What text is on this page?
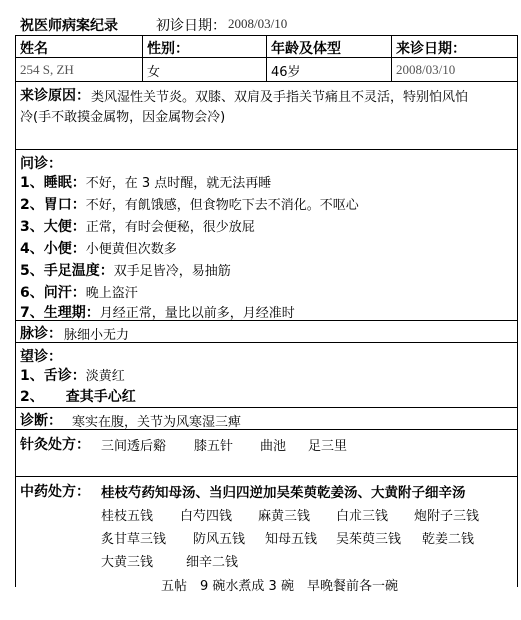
祝医师病案纪录	初诊日期： 2008/03/10
姓名	性别：	年龄及体型	来诊日期：
254 S, ZH	女	46岁	2008/03/10
来诊原因： 类风湿性关节炎。双膝、双肩及手指关节痛且不灵活，特别怕风怕
冷(手不敢摸金属物，因金属物会冷)
问诊：
1、睡眠：不好，在 3 点时醒，就无法再睡
2、胃口：不好，有飢饿感，但食物吃下去不消化。不呕心
3、大便：正常，有时会便秘，很少放屁
4、小便：小便黄但次数多
5、手足温度：双手足皆冷，易抽筋
6、问汗：晚上盗汗
7、生理期：月经正常，量比以前多，月经准时
脉诊： 脉细小无力
望诊：
1、舌诊：淡黄红
2、 查其手心红
诊断： 寒实在腹，关节为风寒湿三痺
针灸处方： 三间透后谿 膝五针 曲池 足三里
中药处方： 桂枝芍药知母汤、当归四逆加吴茱萸乾姜汤、大黄附子细辛汤
桂枝五钱 白芍四钱 麻黄三钱 白朮三钱 炮附子三钱
炙甘草三钱 防风五钱 知母五钱 吴茱萸三钱 乾姜二钱
大黄三钱	细辛二钱
五帖　9 碗水煮成 3 碗　早晚餐前各一碗
